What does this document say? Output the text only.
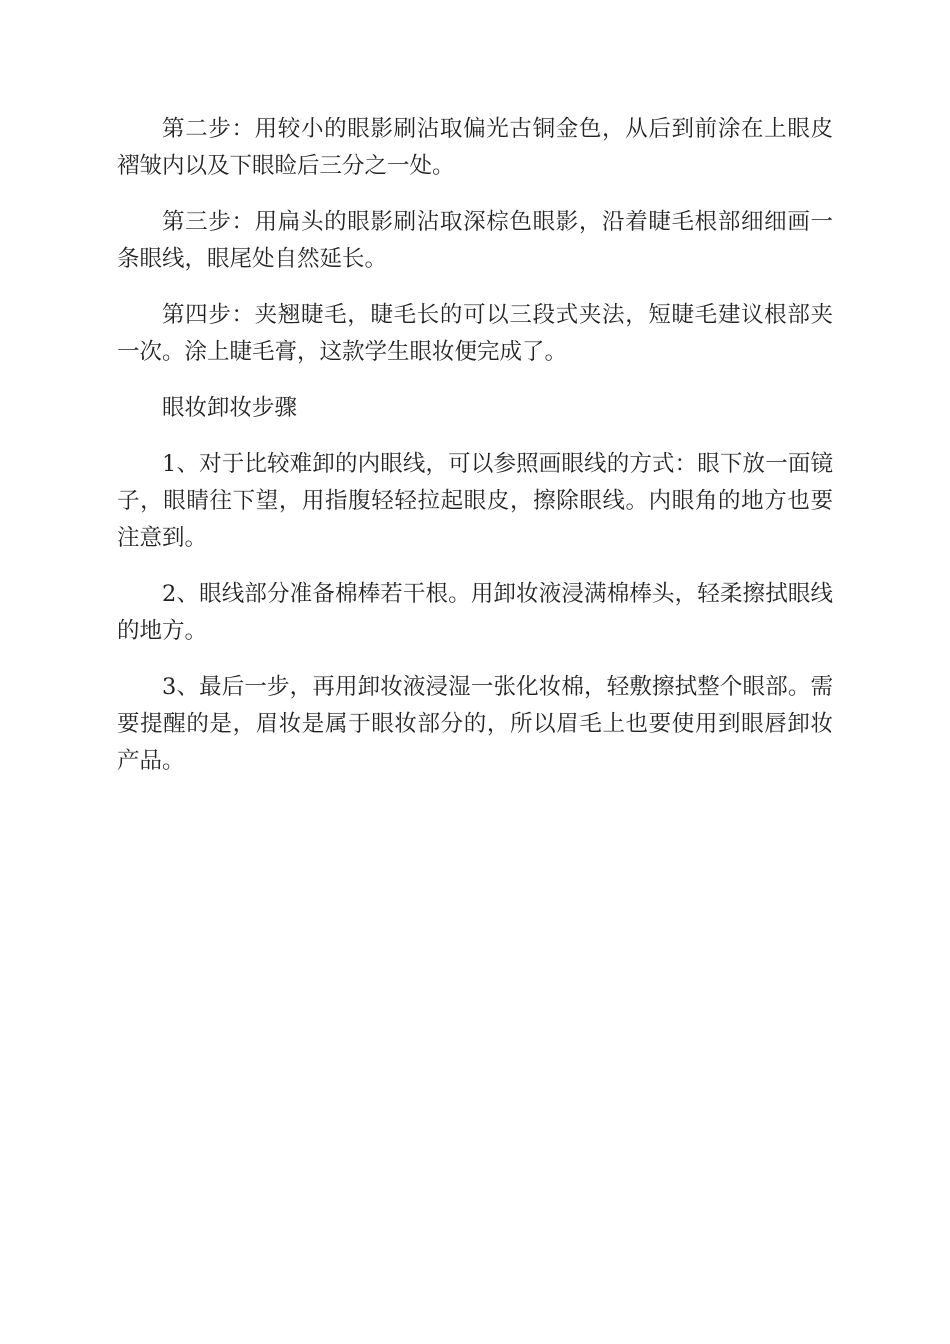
第二步：用较小的眼影刷沾取偏光古铜金色，从后到前涂在上眼皮褶皱内以及下眼睑后三分之一处。

第三步：用扁头的眼影刷沾取深棕色眼影，沿着睫毛根部细细画一条眼线，眼尾处自然延长。

第四步：夹翘睫毛，睫毛长的可以三段式夹法，短睫毛建议根部夹一次。涂上睫毛膏，这款学生眼妆便完成了。

眼妆卸妆步骤

1、对于比较难卸的内眼线，可以参照画眼线的方式：眼下放一面镜子，眼睛往下望，用指腹轻轻拉起眼皮，擦除眼线。内眼角的地方也要注意到。

2、眼线部分准备棉棒若干根。用卸妆液浸满棉棒头，轻柔擦拭眼线的地方。

3、最后一步，再用卸妆液浸湿一张化妆棉，轻敷擦拭整个眼部。需要提醒的是，眉妆是属于眼妆部分的，所以眉毛上也要使用到眼唇卸妆产品。
